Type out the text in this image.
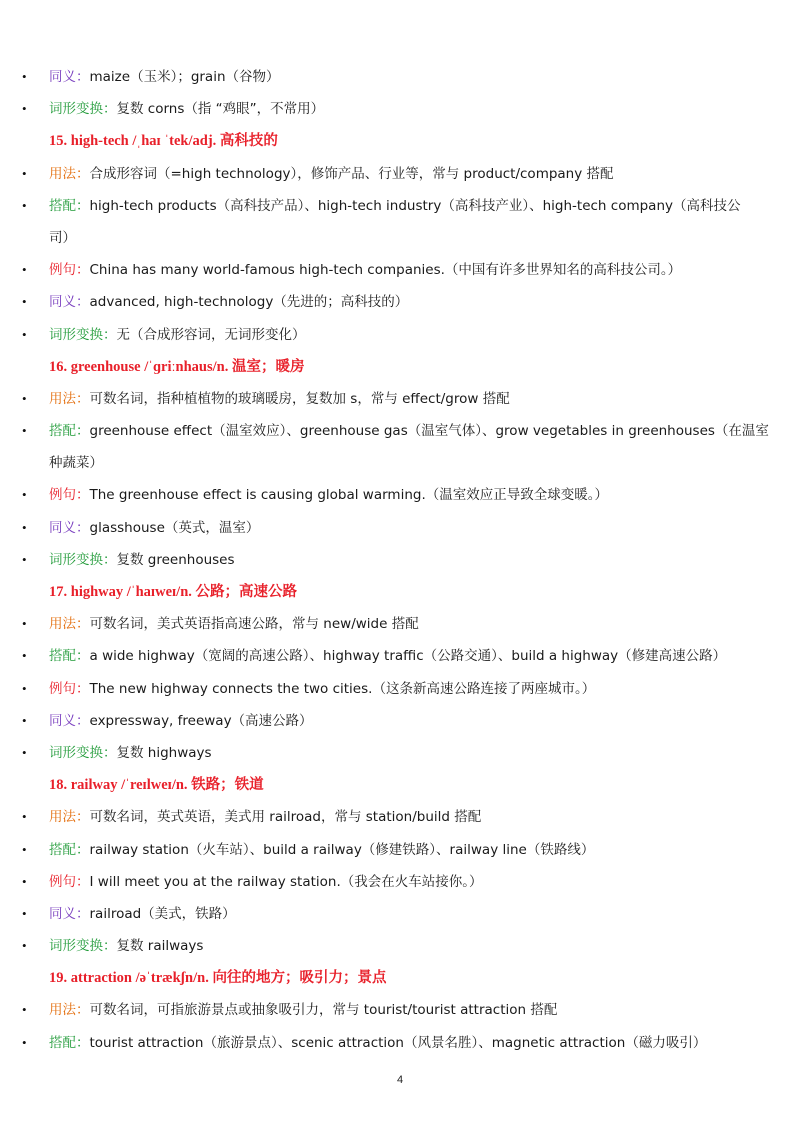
•
同义：maize（玉米）；grain（谷物）
•
词形变换：复数 corns（指 “鸡眼”，不常用）
15. high-tech /ˌhaɪ ˈtek/adj. 高科技的
•
用法：合成形容词（=high technology），修饰产品、行业等，常与 product/company 搭配
•
搭配：high-tech products（高科技产品）、high-tech industry（高科技产业）、high-tech company（高科技公
司）
•
例句：China has many world-famous high-tech companies.（中国有许多世界知名的高科技公司。）
•
同义：advanced, high-technology（先进的；高科技的）
•
词形变换：无（合成形容词，无词形变化）
16. greenhouse /ˈɡriːnhaus/n. 温室；暖房
•
用法：可数名词，指种植植物的玻璃暖房，复数加 s，常与 effect/grow 搭配
•
搭配：greenhouse effect（温室效应）、greenhouse gas（温室气体）、grow vegetables in greenhouses（在温室
种蔬菜）
•
例句：The greenhouse effect is causing global warming.（温室效应正导致全球变暖。）
•
同义：glasshouse（英式，温室）
•
词形变换：复数 greenhouses
17. highway /ˈhaɪweɪ/n. 公路；高速公路
•
用法：可数名词，美式英语指高速公路，常与 new/wide 搭配
•
搭配：a wide highway（宽阔的高速公路）、highway traffic（公路交通）、build a highway（修建高速公路）
•
例句：The new highway connects the two cities.（这条新高速公路连接了两座城市。）
•
同义：expressway, freeway（高速公路）
•
词形变换：复数 highways
18. railway /ˈreɪlweɪ/n. 铁路；铁道
•
用法：可数名词，英式英语，美式用 railroad，常与 station/build 搭配
•
搭配：railway station（火车站）、build a railway（修建铁路）、railway line（铁路线）
•
例句：I will meet you at the railway station.（我会在火车站接你。）
•
同义：railroad（美式，铁路）
•
词形变换：复数 railways
19. attraction /əˈtrækʃn/n. 向往的地方；吸引力；景点
•
用法：可数名词，可指旅游景点或抽象吸引力，常与 tourist/tourist attraction 搭配
•
搭配：tourist attraction（旅游景点）、scenic attraction（风景名胜）、magnetic attraction（磁力吸引）
4
